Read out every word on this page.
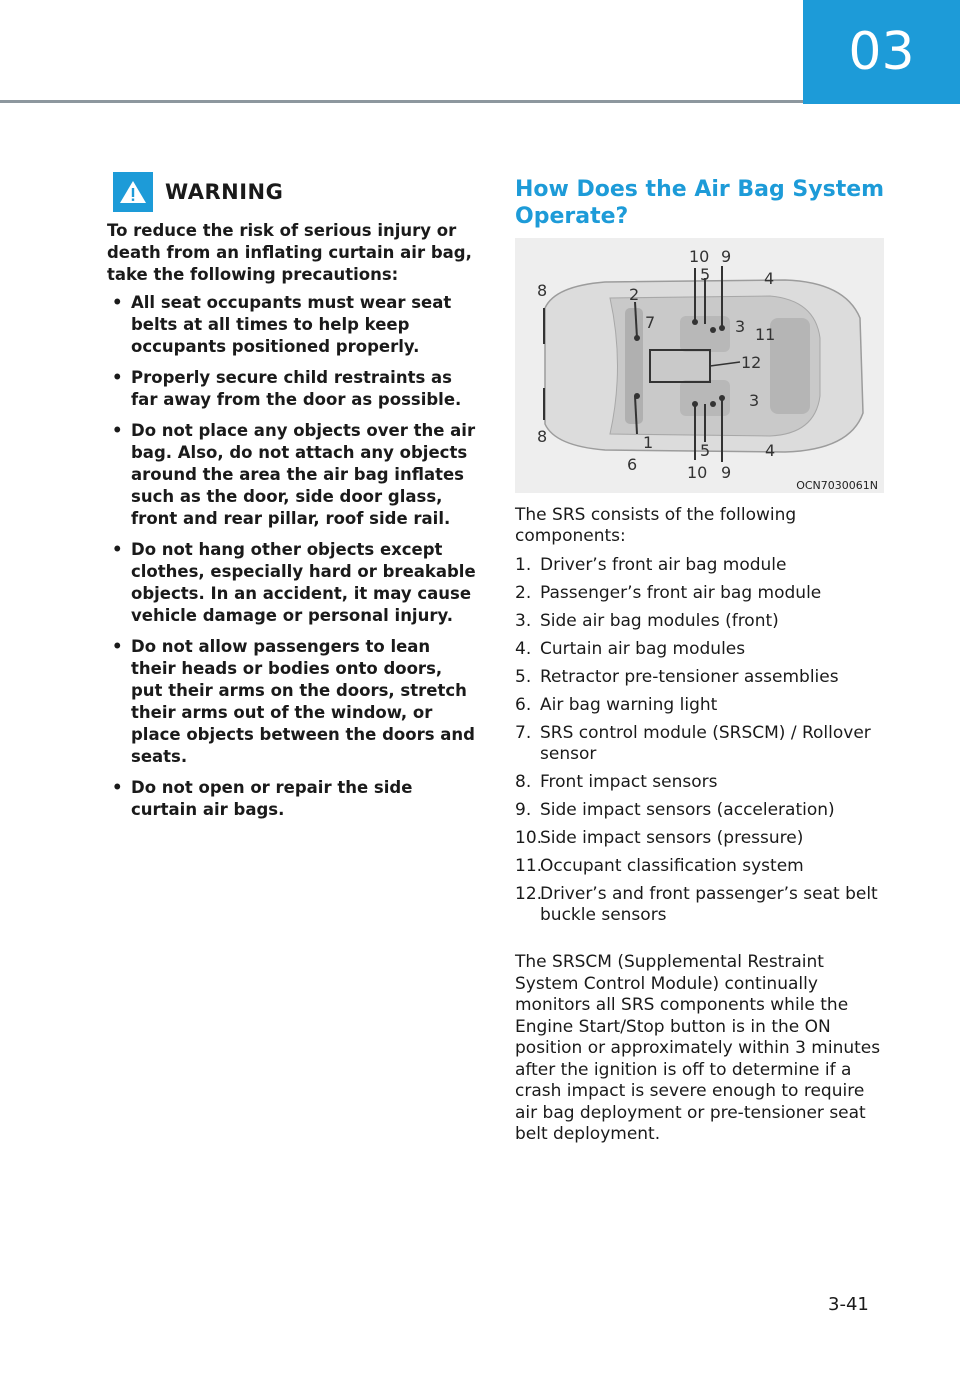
03
WARNING
To reduce the risk of serious injury or death from an inflating curtain air bag, take the following precautions:
• All seat occupants must wear seat belts at all times to help keep occupants positioned properly.
• Properly secure child restraints as far away from the door as possible.
• Do not place any objects over the air bag. Also, do not attach any objects around the area the air bag inflates such as the door, side door glass, front and rear pillar, roof side rail.
• Do not hang other objects except clothes, especially hard or breakable objects. In an accident, it may cause vehicle damage or personal injury.
• Do not allow passengers to lean their heads or bodies onto doors, put their arms on the doors, stretch their arms out of the window, or place objects between the doors and seats.
• Do not open or repair the side curtain air bags.
How Does the Air Bag System Operate?
10 9
5	4
8	2
7	3 11
12
3
8	1
6
5
10 9
4
OCN7030061N
The SRS consists of the following components:
1. Driver’s front air bag module
2. Passenger’s front air bag module
3. Side air bag modules (front)
4. Curtain air bag modules
5. Retractor pre-tensioner assemblies
6. Air bag warning light
7. SRS control module (SRSCM) / Rollover sensor
8. Front impact sensors
9. Side impact sensors (acceleration)
10.
Side impact sensors (pressure)
11.
Occupant classification system
12.
Driver’s and front passenger’s seat belt buckle sensors
The SRSCM (Supplemental Restraint System Control Module) continually monitors all SRS components while the Engine Start/Stop button is in the ON position or approximately within 3 minutes after the ignition is off to determine if a crash impact is severe enough to require air bag deployment or pre-tensioner seat belt deployment.
3-41
